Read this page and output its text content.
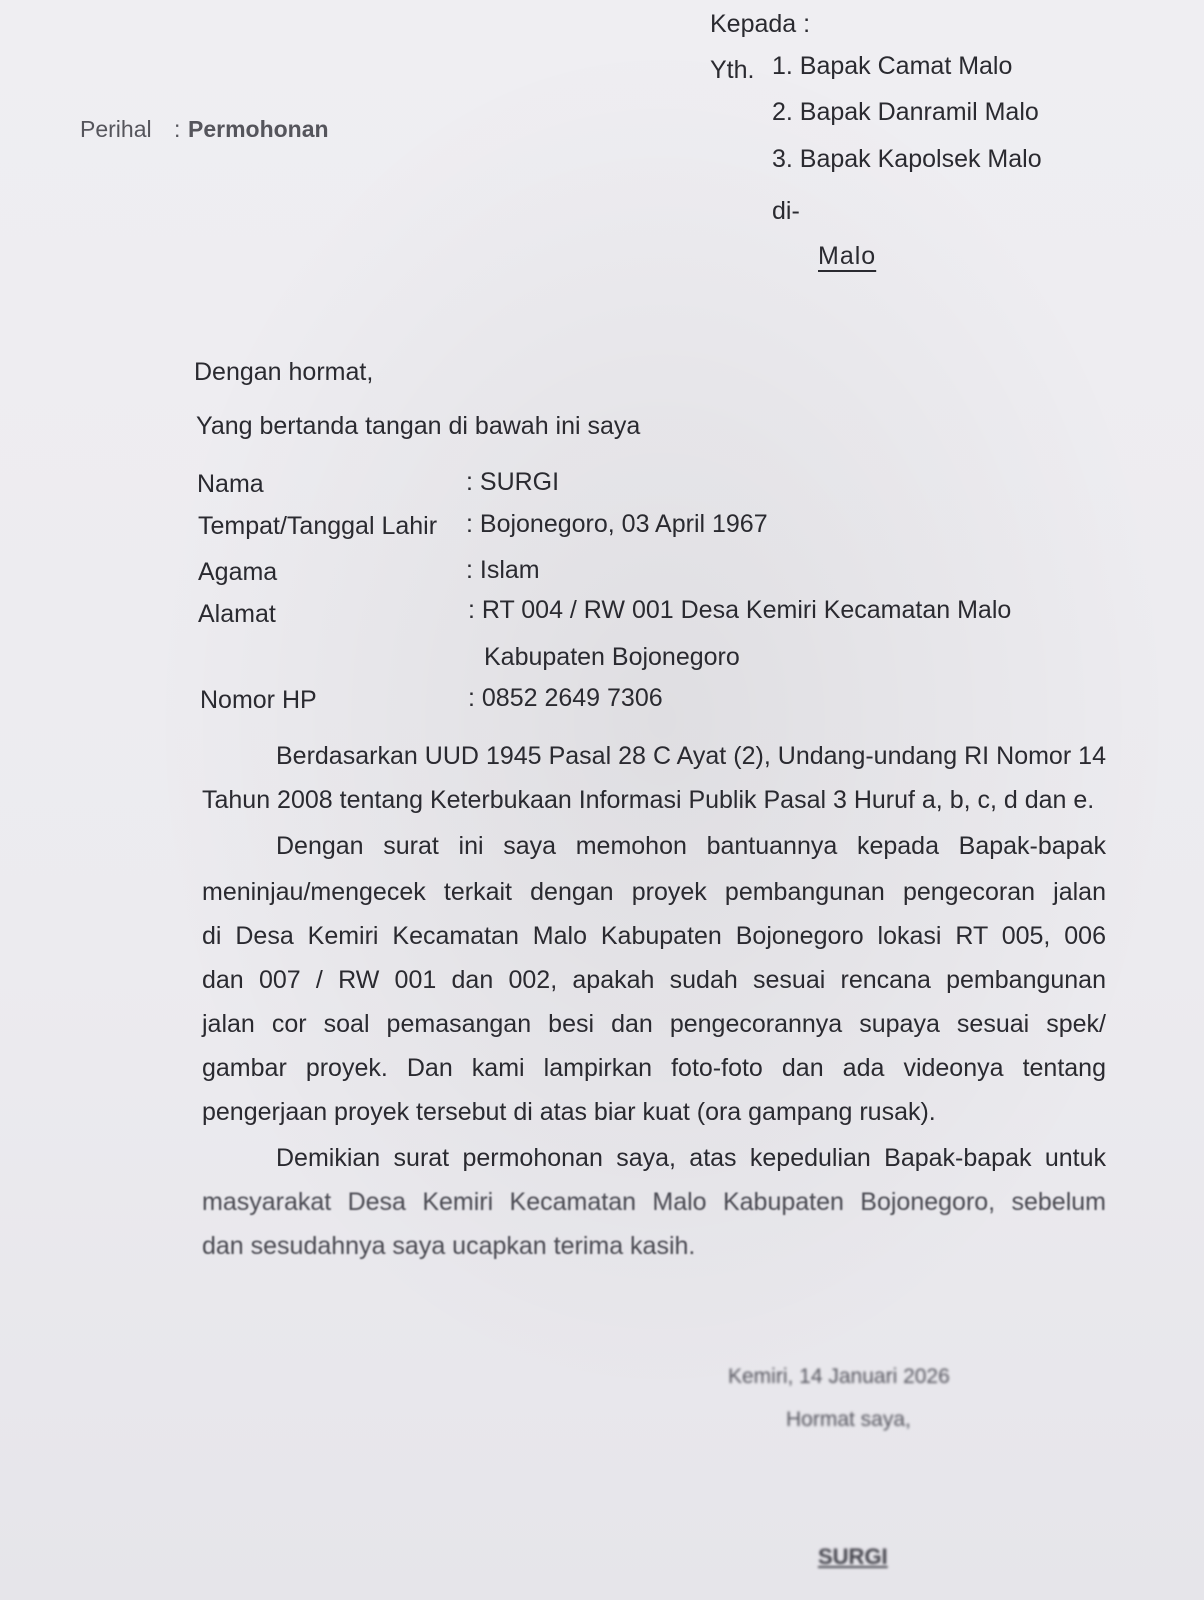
Kepada :
Yth. 1. Bapak Camat Malo
2. Bapak Danramil Malo
3. Bapak Kapolsek Malo
di-
Malo
Perihal : Permohonan
Dengan hormat,
Yang bertanda tangan di bawah ini saya
Nama	: SURGI
Tempat/Tanggal Lahir : Bojonegoro, 03 April 1967
Agama	: Islam
Alamat	: RT 004 / RW 001 Desa Kemiri Kecamatan Malo
Kabupaten Bojonegoro
Nomor HP	: 0852 2649 7306
Berdasarkan UUD 1945 Pasal 28 C Ayat (2), Undang-undang RI Nomor 14
Tahun 2008 tentang Keterbukaan Informasi Publik Pasal 3 Huruf a, b, c, d dan e.
Dengan surat ini saya memohon bantuannya kepada Bapak-bapak
meninjau/mengecek terkait dengan proyek pembangunan pengecoran jalan
di Desa Kemiri Kecamatan Malo Kabupaten Bojonegoro lokasi RT 005, 006
dan 007 / RW 001 dan 002, apakah sudah sesuai rencana pembangunan
jalan cor soal pemasangan besi dan pengecorannya supaya sesuai spek/
gambar proyek. Dan kami lampirkan foto-foto dan ada videonya tentang
pengerjaan proyek tersebut di atas biar kuat (ora gampang rusak).
Demikian surat permohonan saya, atas kepedulian Bapak-bapak untuk
masyarakat Desa Kemiri Kecamatan Malo Kabupaten Bojonegoro, sebelum
dan sesudahnya saya ucapkan terima kasih.
Kemiri, 14 Januari 2026
Hormat saya,
SURGI
